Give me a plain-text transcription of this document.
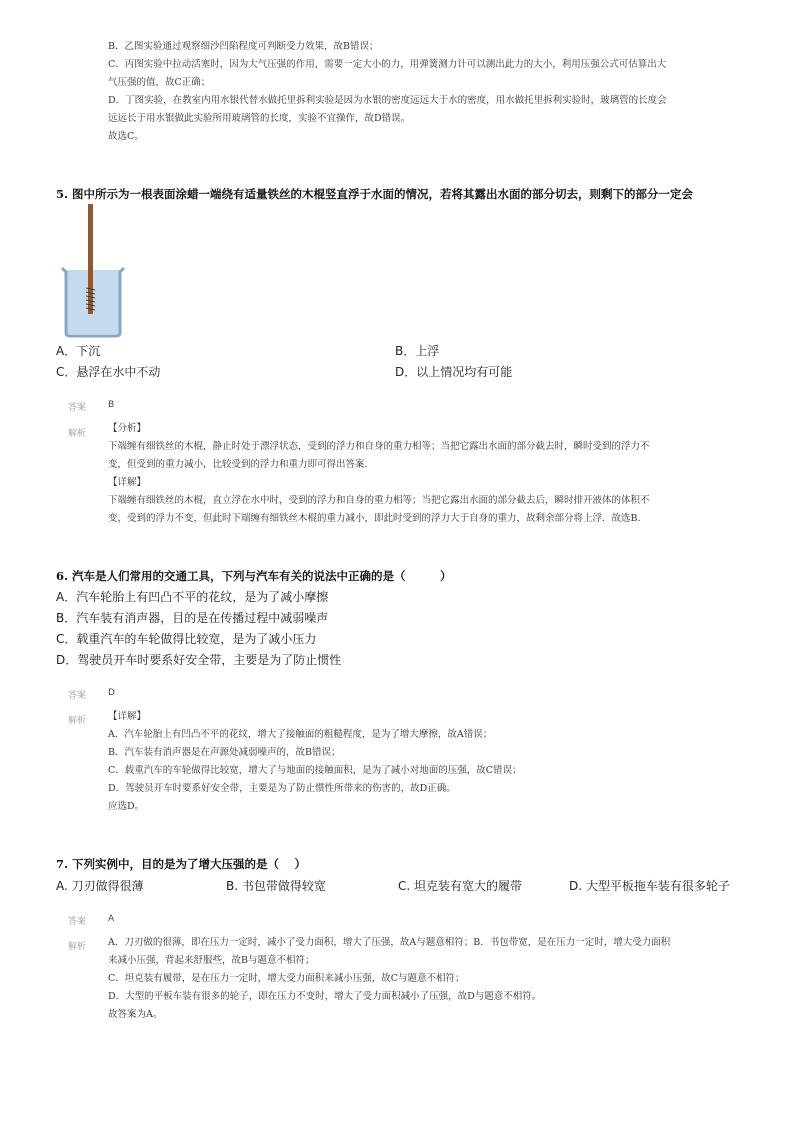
B．乙图实验通过观察细沙凹陷程度可判断受力效果，故B错误；
C．丙图实验中拉动活塞时，因为大气压强的作用，需要一定大小的力，用弹簧测力计可以测出此力的大小，利用压强公式可估算出大
气压强的值，故C正确；
D．丁图实验，在教室内用水银代替水做托里拆利实验是因为水银的密度远远大于水的密度，用水做托里拆利实验时，玻璃管的长度会
远远长于用水银做此实验所用玻璃管的长度，实验不宜操作，故D错误。
故选C。
5. 图中所示为一根表面涂蜡一端绕有适量铁丝的木棍竖直浮于水面的情况，若将其露出水面的部分切去，则剩下的部分一定会
A．下沉	B．上浮
C．悬浮在水中不动	D．以上情况均有可能
答案 B
解析 【分析】
下端缠有细铁丝的木棍，静止时处于漂浮状态，受到的浮力和自身的重力相等；当把它露出水面的部分截去时，瞬时受到的浮力不
变，但受到的重力减小，比较受到的浮力和重力即可得出答案.
【详解】
下端缠有细铁丝的木棍，直立浮在水中时，受到的浮力和自身的重力相等；当把它露出水面的部分截去后，瞬时排开液体的体积不
变，受到的浮力不变，但此时下端缠有细铁丝木棍的重力减小，即此时受到的浮力大于自身的重力，故剩余部分将上浮．故选B.
6. 汽车是人们常用的交通工具，下列与汽车有关的说法中正确的是（　　　）
A．汽车轮胎上有凹凸不平的花纹，是为了减小摩擦
B．汽车装有消声器，目的是在传播过程中减弱噪声
C．载重汽车的车轮做得比较宽，是为了减小压力
D．驾驶员开车时要系好安全带，主要是为了防止惯性
答案 D
解析 【详解】
A．汽车轮胎上有凹凸不平的花纹，增大了接触面的粗糙程度，是为了增大摩擦，故A错误；
B．汽车装有消声器是在声源处减弱噪声的，故B错误；
C．载重汽车的车轮做得比较宽，增大了与地面的接触面积，是为了减小对地面的压强，故C错误；
D．驾驶员开车时要系好安全带，主要是为了防止惯性所带来的伤害的，故D正确。
应选D。
7. 下列实例中，目的是为了增大压强的是（　 ）
A. 刀刃做得很薄	B. 书包带做得较宽	C. 坦克装有宽大的履带	D. 大型平板拖车装有很多轮子
答案 A
解析 A．刀刃做的很薄，即在压力一定时，减小了受力面积，增大了压强，故A与题意相符；B．书包带宽，是在压力一定时，增大受力面积
来减小压强，背起来舒服些，故B与题意不相符；
C．坦克装有履带，是在压力一定时，增大受力面积来减小压强，故C与题意不相符；
D．大型的平板车装有很多的轮子，即在压力不变时，增大了受力面积减小了压强，故D与题意不相符。
故答案为A。
